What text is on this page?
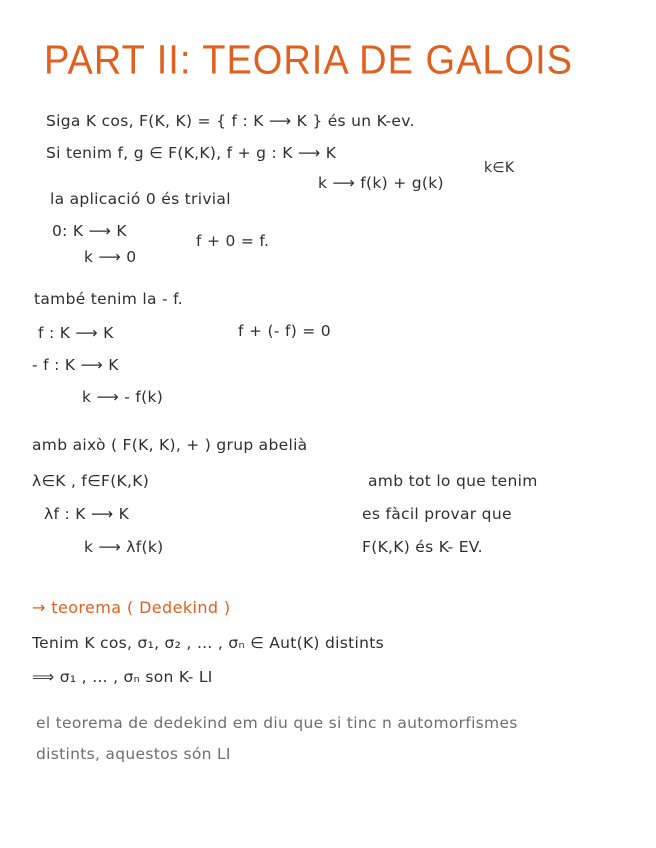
PART II: TEORIA DE GALOIS
Siga K cos, F(K, K) = { f : K ⟶ K } és un K-ev.
Si tenim f, g ∈ F(K,K), f + g : K ⟶ K
k ⟶ f(k) + g(k)
k∈K
la aplicació 0 és trivial
0: K ⟶ K
f + 0 = f.
k ⟶ 0
també tenim la - f.
f : K ⟶ K	f + (- f) = 0
- f : K ⟶ K
k ⟶ - f(k)
amb això ( F(K, K), + ) grup abelià
λ∈K , f∈F(K,K)	amb tot lo que tenim
λf : K ⟶ K	es fàcil provar que
k ⟶ λf(k)	F(K,K) és K- EV.
→ teorema ( Dedekind )
Tenim K cos, σ₁, σ₂ , … , σₙ ∈ Aut(K) distints
⟹ σ₁ , … , σₙ son K- LI
el teorema de dedekind em diu que si tinc n automorfismes
distints, aquestos són LI
